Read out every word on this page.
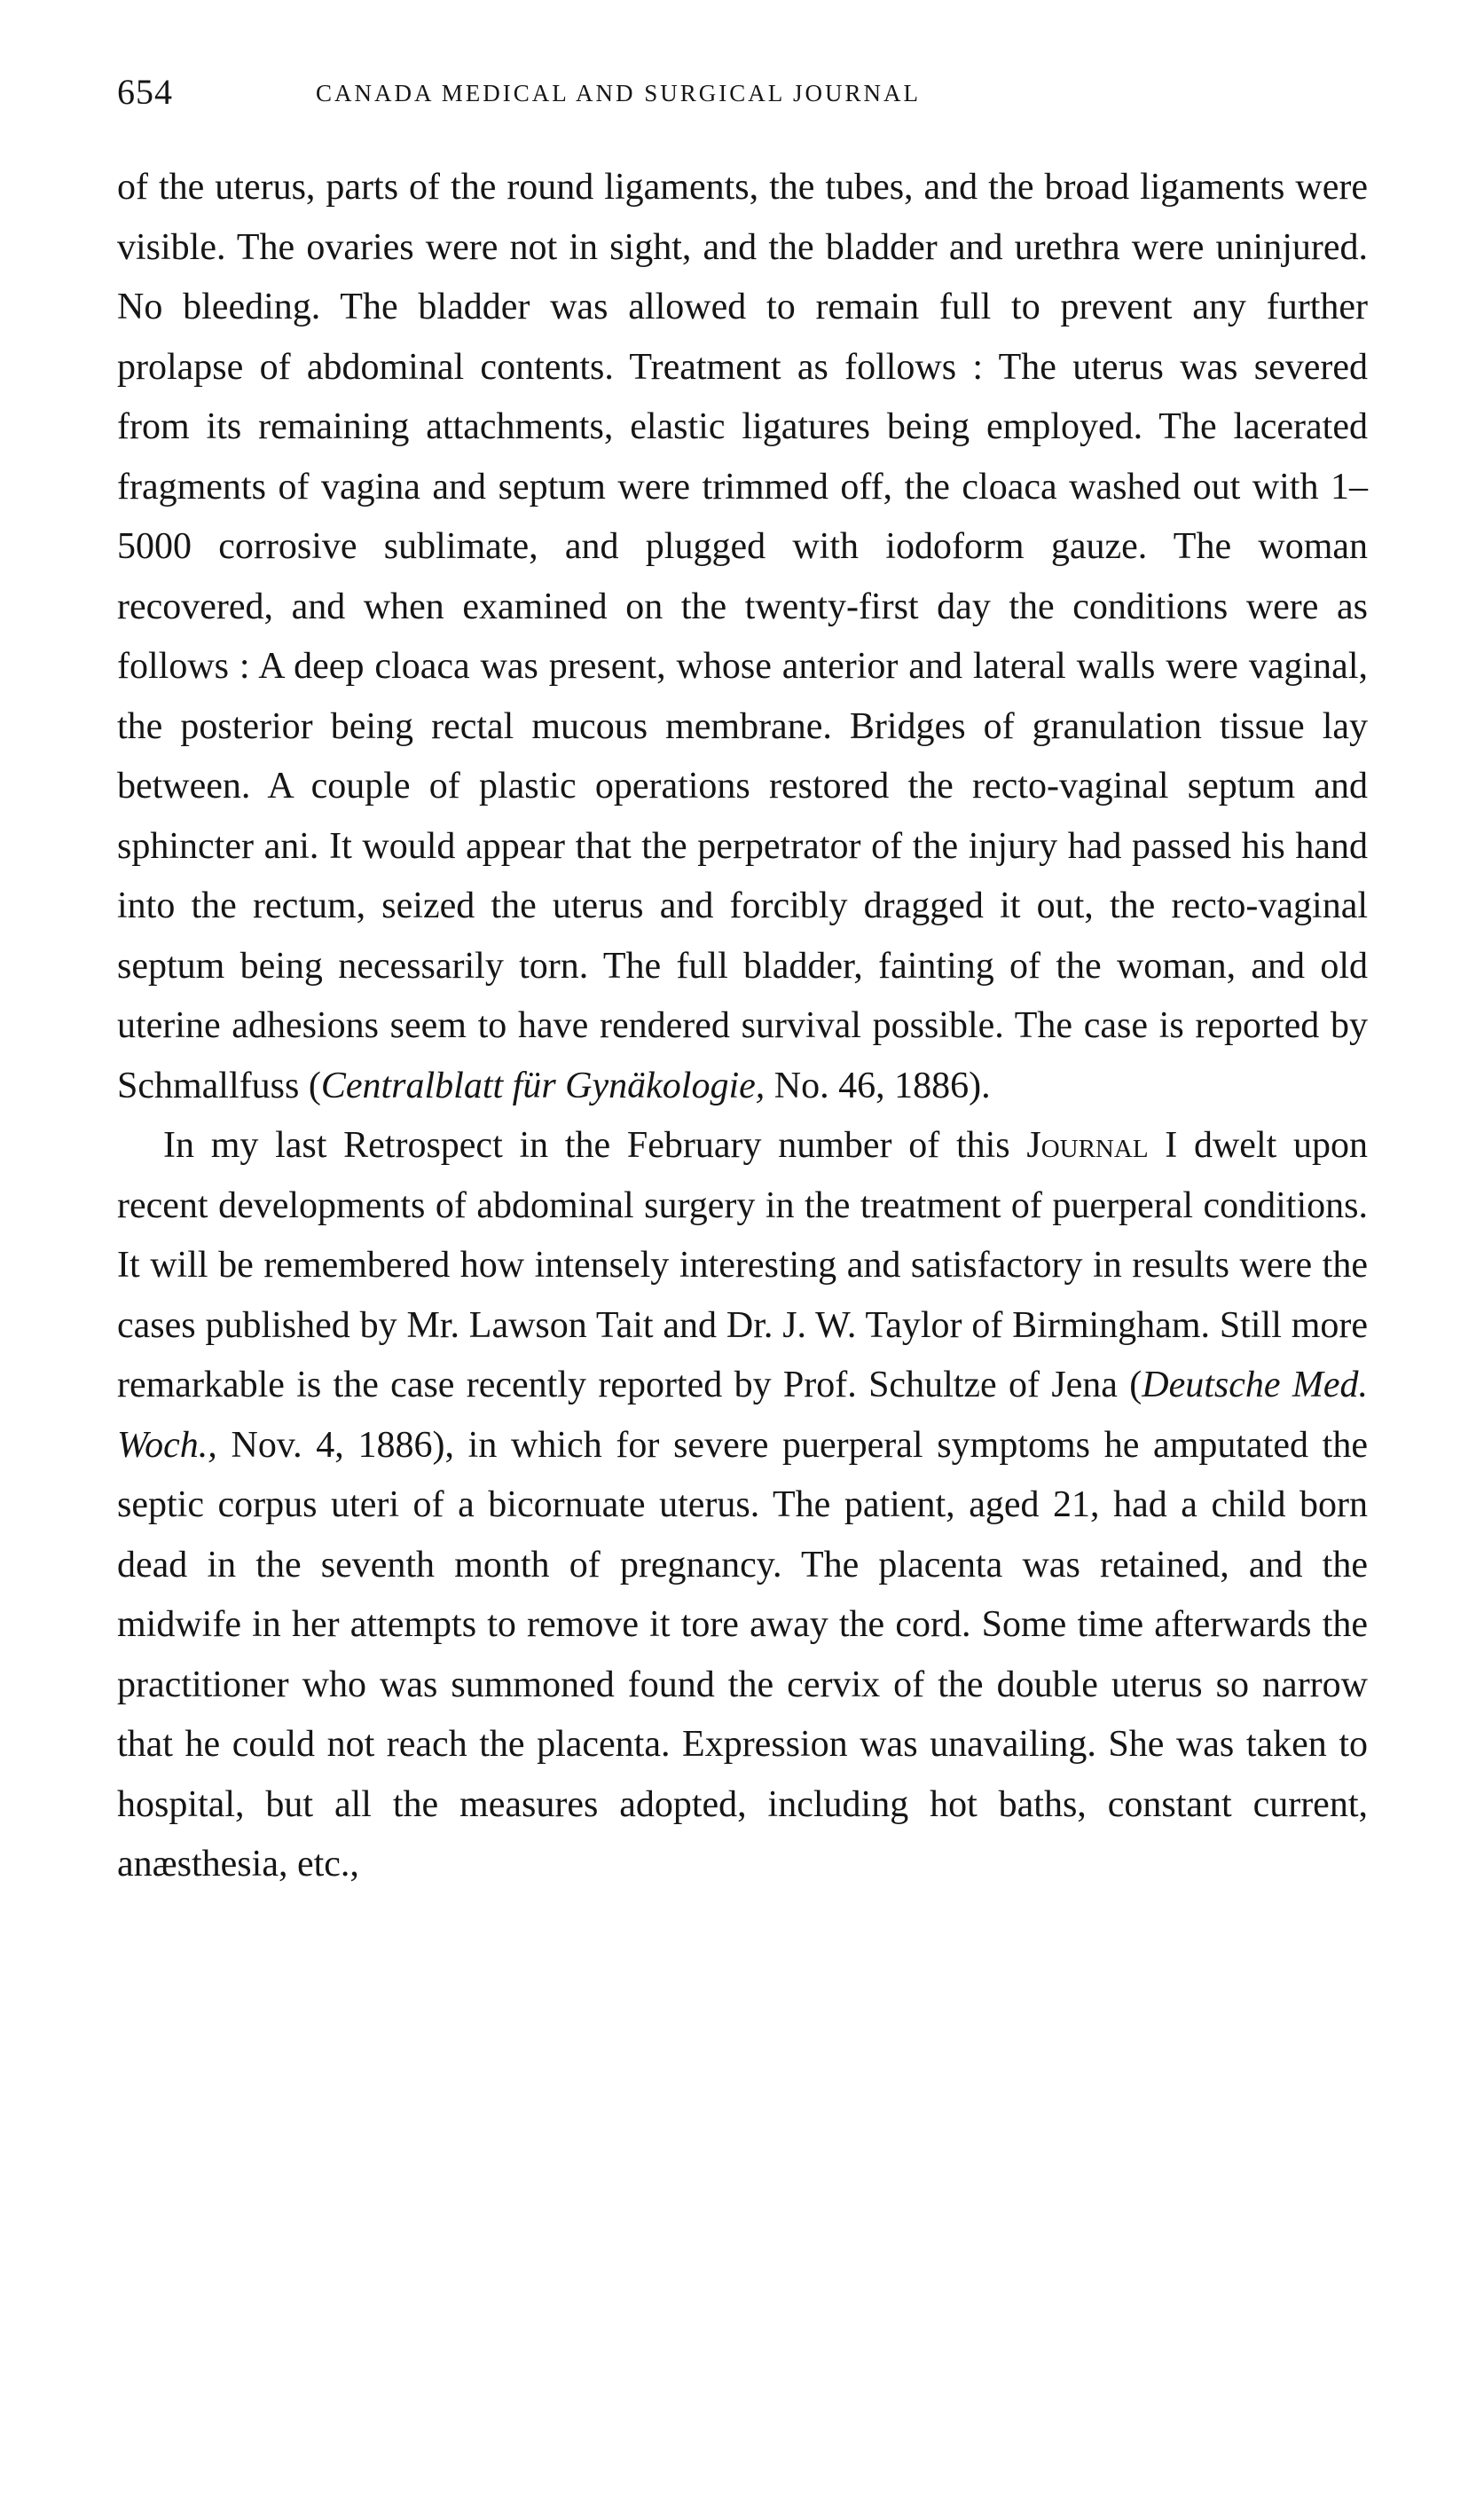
654	CANADA MEDICAL AND SURGICAL JOURNAL

of the uterus, parts of the round ligaments, the tubes, and the broad ligaments were visible. The ovaries were not in sight, and the bladder and urethra were uninjured. No bleeding. The bladder was allowed to remain full to prevent any further prolapse of abdominal contents. Treatment as follows : The uterus was severed from its remaining attachments, elastic ligatures being employed. The lacerated fragments of vagina and septum were trimmed off, the cloaca washed out with 1–5000 corrosive sublimate, and plugged with iodoform gauze. The woman recovered, and when examined on the twenty-first day the conditions were as follows : A deep cloaca was present, whose anterior and lateral walls were vaginal, the posterior being rectal mucous membrane. Bridges of granulation tissue lay between. A couple of plastic operations restored the recto-vaginal septum and sphincter ani. It would appear that the perpetrator of the injury had passed his hand into the rectum, seized the uterus and forcibly dragged it out, the recto-vaginal septum being necessarily torn. The full bladder, fainting of the woman, and old uterine adhesions seem to have rendered survival possible. The case is reported by Schmallfuss (Centralblatt für Gynäkologie, No. 46, 1886).

In my last Retrospect in the February number of this Journal I dwelt upon recent developments of abdominal surgery in the treatment of puerperal conditions. It will be remembered how intensely interesting and satisfactory in results were the cases published by Mr. Lawson Tait and Dr. J. W. Taylor of Birmingham. Still more remarkable is the case recently reported by Prof. Schultze of Jena (Deutsche Med. Woch., Nov. 4, 1886), in which for severe puerperal symptoms he amputated the septic corpus uteri of a bicornuate uterus. The patient, aged 21, had a child born dead in the seventh month of pregnancy. The placenta was retained, and the midwife in her attempts to remove it tore away the cord. Some time afterwards the practitioner who was summoned found the cervix of the double uterus so narrow that he could not reach the placenta. Expression was unavailing. She was taken to hospital, but all the measures adopted, including hot baths, constant current, anæsthesia, etc.,
